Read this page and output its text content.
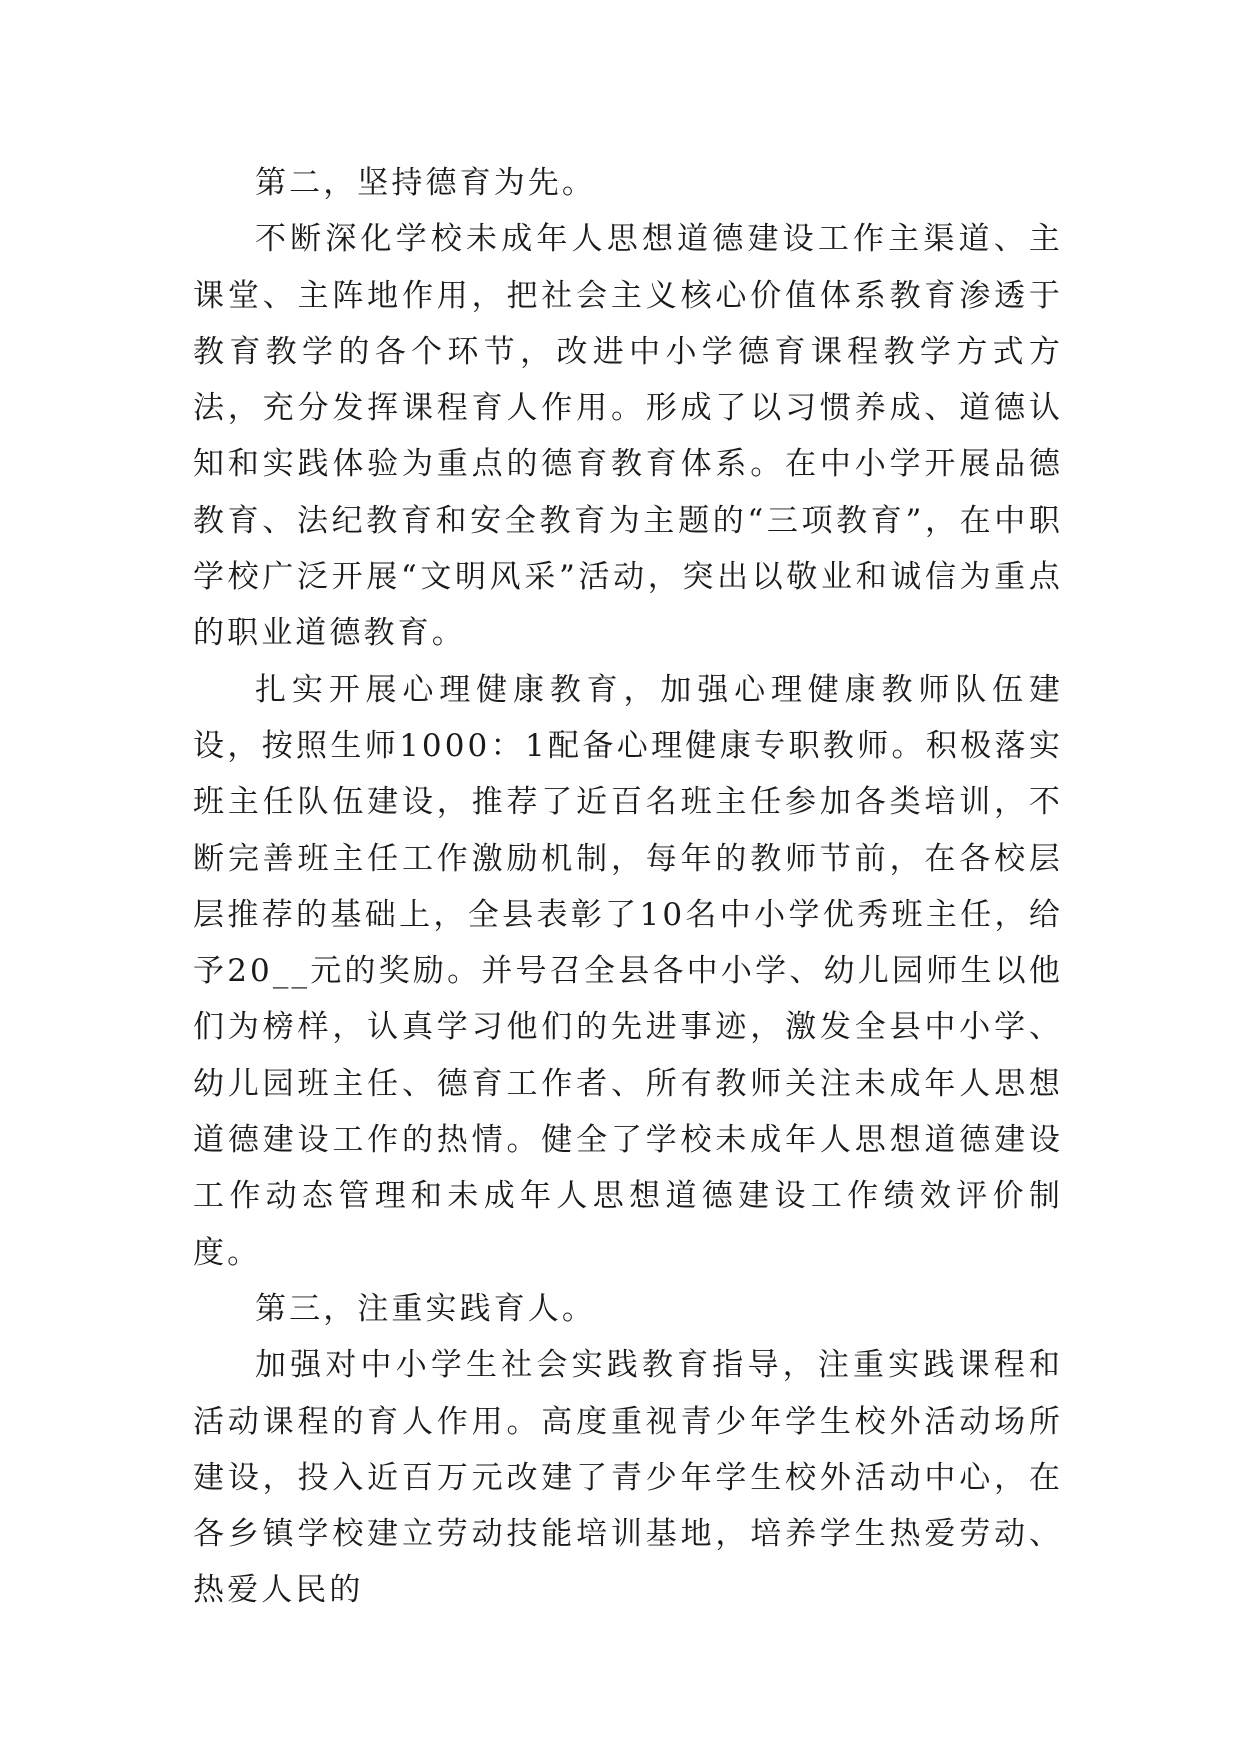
第二，坚持德育为先。

不断深化学校未成年人思想道德建设工作主渠道、主课堂、主阵地作用，把社会主义核心价值体系教育渗透于教育教学的各个环节，改进中小学德育课程教学方式方法，充分发挥课程育人作用。形成了以习惯养成、道德认知和实践体验为重点的德育教育体系。在中小学开展品德教育、法纪教育和安全教育为主题的“三项教育”，在中职学校广泛开展“文明风采”活动，突出以敬业和诚信为重点的职业道德教育。

扎实开展心理健康教育，加强心理健康教师队伍建设，按照生师1000：1配备心理健康专职教师。积极落实班主任队伍建设，推荐了近百名班主任参加各类培训，不断完善班主任工作激励机制，每年的教师节前，在各校层层推荐的基础上，全县表彰了10名中小学优秀班主任，给予20__元的奖励。并号召全县各中小学、幼儿园师生以他们为榜样，认真学习他们的先进事迹，激发全县中小学、幼儿园班主任、德育工作者、所有教师关注未成年人思想道德建设工作的热情。健全了学校未成年人思想道德建设工作动态管理和未成年人思想道德建设工作绩效评价制度。

第三，注重实践育人。

加强对中小学生社会实践教育指导，注重实践课程和活动课程的育人作用。高度重视青少年学生校外活动场所建设，投入近百万元改建了青少年学生校外活动中心，在各乡镇学校建立劳动技能培训基地，培养学生热爱劳动、热爱人民的
